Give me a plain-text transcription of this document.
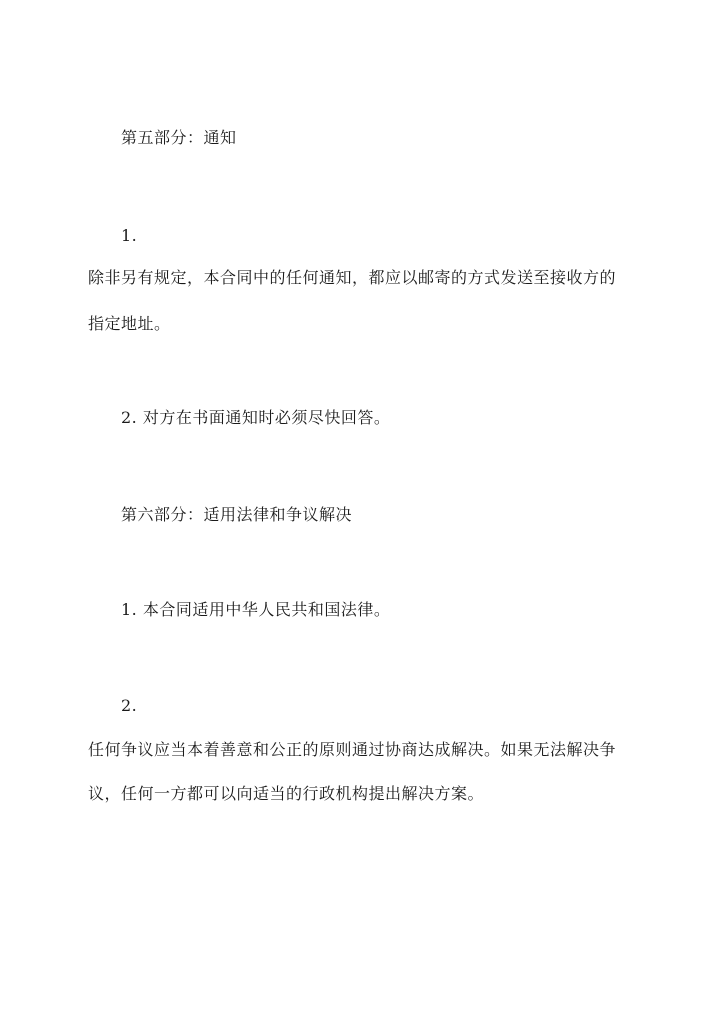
第五部分：通知
1.
除非另有规定，本合同中的任何通知，都应以邮寄的方式发送至接收方的
指定地址。
2. 对方在书面通知时必须尽快回答。
第六部分：适用法律和争议解决
1. 本合同适用中华人民共和国法律。
2.
任何争议应当本着善意和公正的原则通过协商达成解决。如果无法解决争
议，任何一方都可以向适当的行政机构提出解决方案。
